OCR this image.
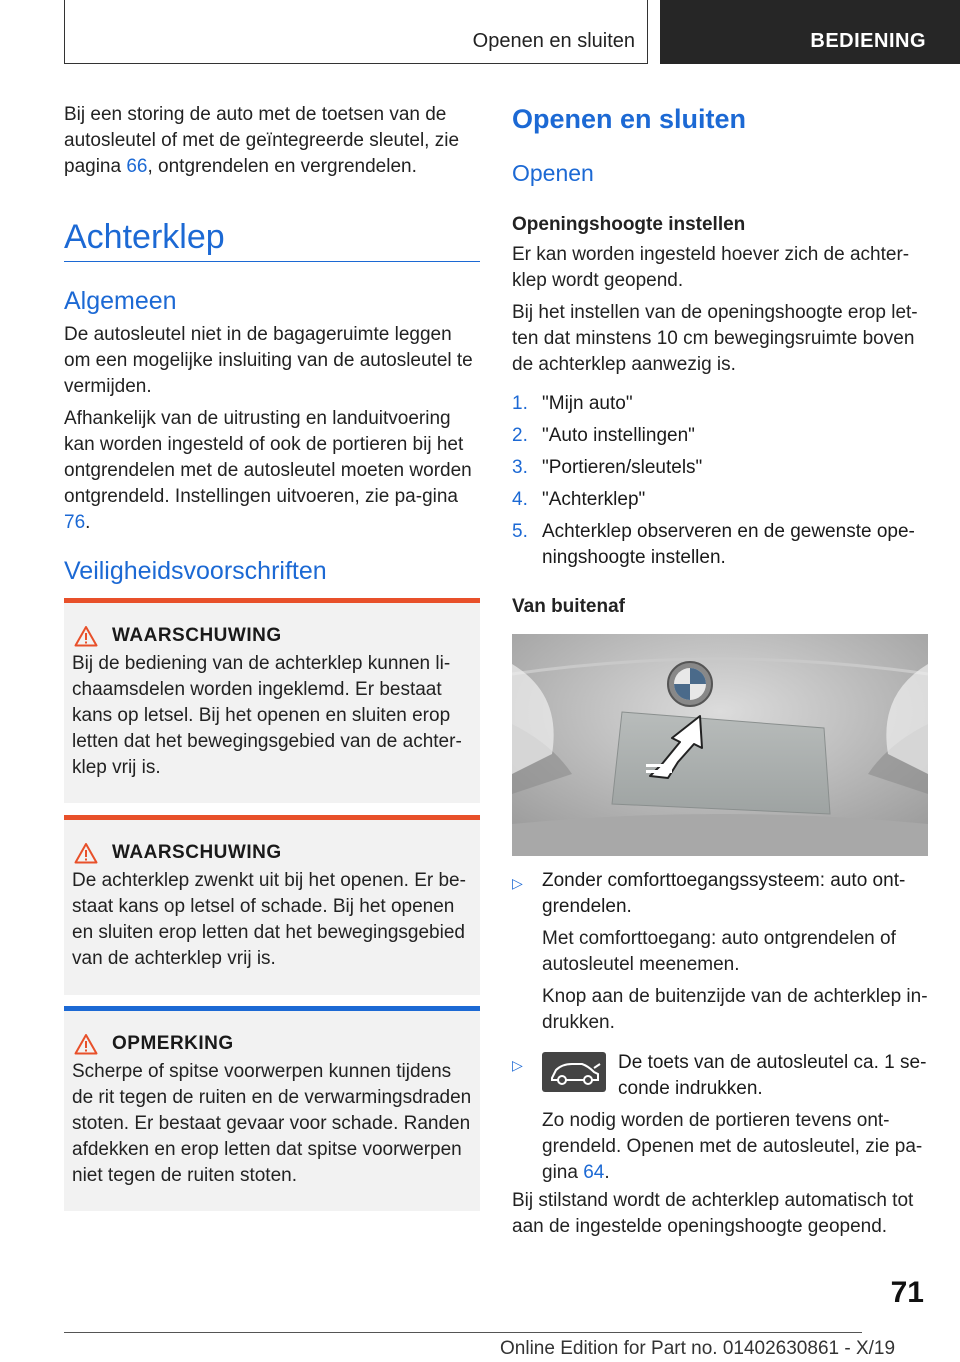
Openen en sluiten	BEDIENING
Bij een storing de auto met de toetsen van de autosleutel of met de geïntegreerde sleutel, zie pagina 66, ontgrendelen en vergrendelen.
Achterklep
Algemeen

De autosleutel niet in de bagageruimte leggen om een mogelijke insluiting van de autosleutel te vermijden.

Afhankelijk van de uitrusting en landuitvoering kan worden ingesteld of ook de portieren bij het ontgrendelen met de autosleutel moeten worden ontgrendeld. Instellingen uitvoeren, zie pa-gina 76.

Veiligheidsvoorschriften
WAARSCHUWING
Bij de bediening van de achterklep kunnen li-chaamsdelen worden ingeklemd. Er bestaat kans op letsel. Bij het openen en sluiten erop letten dat het bewegingsgebied van de achter-klep vrij is.
WAARSCHUWING
De achterklep zwenkt uit bij het openen. Er be-staat kans op letsel of schade. Bij het openen en sluiten erop letten dat het bewegingsgebied van de achterklep vrij is.
OPMERKING
Scherpe of spitse voorwerpen kunnen tijdens de rit tegen de ruiten en de verwarmingsdraden stoten. Er bestaat gevaar voor schade. Randen afdekken en erop letten dat spitse voorwerpen niet tegen de ruiten stoten.
Openen en sluiten
Openen
Openingshoogte instellen

Er kan worden ingesteld hoever zich de achter-klep wordt geopend.

Bij het instellen van de openingshoogte erop let-ten dat minstens 10 cm bewegingsruimte boven de achterklep aanwezig is.

1. "Mijn auto"
2. "Auto instellingen"
3. "Portieren/sleutels"
4. "Achterklep"
5. Achterklep observeren en de gewenste ope-ningshoogte instellen.
Van buitenaf
▷	Zonder comforttoegangssysteem: auto ont-grendelen.
Met comforttoegang: auto ontgrendelen of autosleutel meenemen.
Knop aan de buitenzijde van de achterklep in-drukken.
▷	De toets van de autosleutel ca. 1 se-conde indrukken.
Zo nodig worden de portieren tevens ont-grendeld. Openen met de autosleutel, zie pa-gina 64.
Bij stilstand wordt de achterklep automatisch tot aan de ingestelde openingshoogte geopend.
71
Online Edition for Part no. 01402630861 - X/19
